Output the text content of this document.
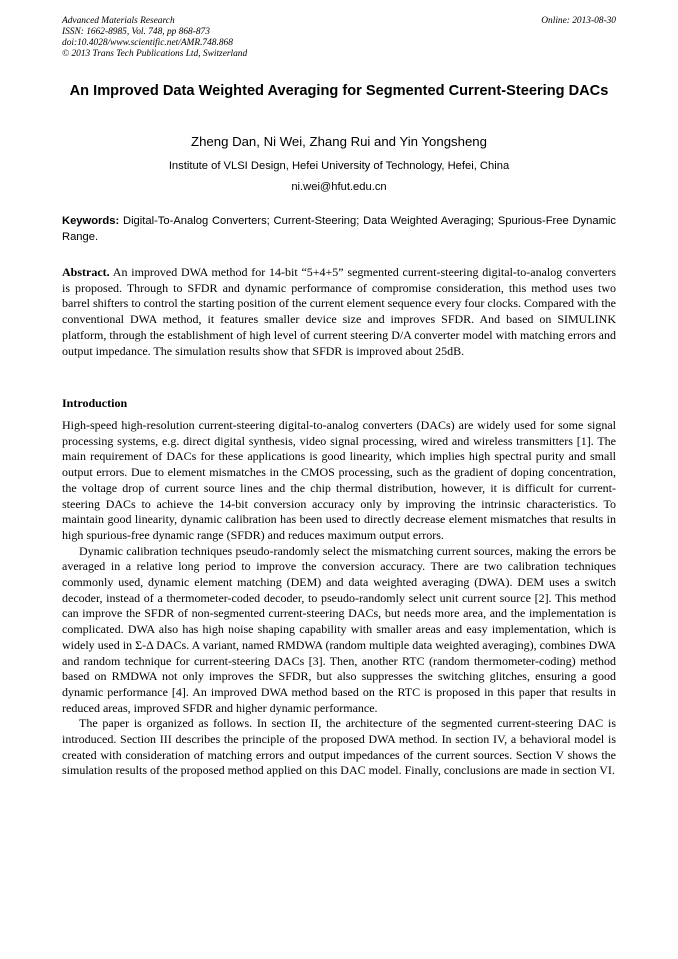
Advanced Materials Research
ISSN: 1662-8985, Vol. 748, pp 868-873
doi:10.4028/www.scientific.net/AMR.748.868
© 2013 Trans Tech Publications Ltd, Switzerland
Online: 2013-08-30
An Improved Data Weighted Averaging for Segmented Current-Steering DACs
Zheng Dan, Ni Wei, Zhang Rui and Yin Yongsheng
Institute of VLSI Design, Hefei University of Technology, Hefei, China
ni.wei@hfut.edu.cn
Keywords: Digital-To-Analog Converters; Current-Steering; Data Weighted Averaging; Spurious-Free Dynamic Range.
Abstract. An improved DWA method for 14-bit “5+4+5” segmented current-steering digital-to-analog converters is proposed. Through to SFDR and dynamic performance of compromise consideration, this method uses two barrel shifters to control the starting position of the current element sequence every four clocks. Compared with the conventional DWA method, it features smaller device size and improves SFDR. And based on SIMULINK platform, through the establishment of high level of current steering D/A converter model with matching errors and output impedance. The simulation results show that SFDR is improved about 25dB.
Introduction

High-speed high-resolution current-steering digital-to-analog converters (DACs) are widely used for some signal processing systems, e.g. direct digital synthesis, video signal processing, wired and wireless transmitters [1]. The main requirement of DACs for these applications is good linearity, which implies high spectral purity and small output errors. Due to element mismatches in the CMOS processing, such as the gradient of doping concentration, the voltage drop of current source lines and the chip thermal distribution, however, it is difficult for current-steering DACs to achieve the 14-bit conversion accuracy only by improving the intrinsic characteristics. To maintain good linearity, dynamic calibration has been used to directly decrease element mismatches that results in high spurious-free dynamic range (SFDR) and reduces maximum output errors.

Dynamic calibration techniques pseudo-randomly select the mismatching current sources, making the errors be averaged in a relative long period to improve the conversion accuracy. There are two calibration techniques commonly used, dynamic element matching (DEM) and data weighted averaging (DWA). DEM uses a switch decoder, instead of a thermometer-coded decoder, to pseudo-randomly select unit current source [2]. This method can improve the SFDR of non-segmented current-steering DACs, but needs more area, and the implementation is complicated. DWA also has high noise shaping capability with smaller areas and easy implementation, which is widely used in Σ-Δ DACs. A variant, named RMDWA (random multiple data weighted averaging), combines DWA and random technique for current-steering DACs [3]. Then, another RTC (random thermometer-coding) method based on RMDWA not only improves the SFDR, but also suppresses the switching glitches, ensuring a good dynamic performance [4]. An improved DWA method based on the RTC is proposed in this paper that results in reduced areas, improved SFDR and higher dynamic performance.

The paper is organized as follows. In section II, the architecture of the segmented current-steering DAC is introduced. Section III describes the principle of the proposed DWA method. In section IV, a behavioral model is created with consideration of matching errors and output impedances of the current sources. Section V shows the simulation results of the proposed method applied on this DAC model. Finally, conclusions are made in section VI.
